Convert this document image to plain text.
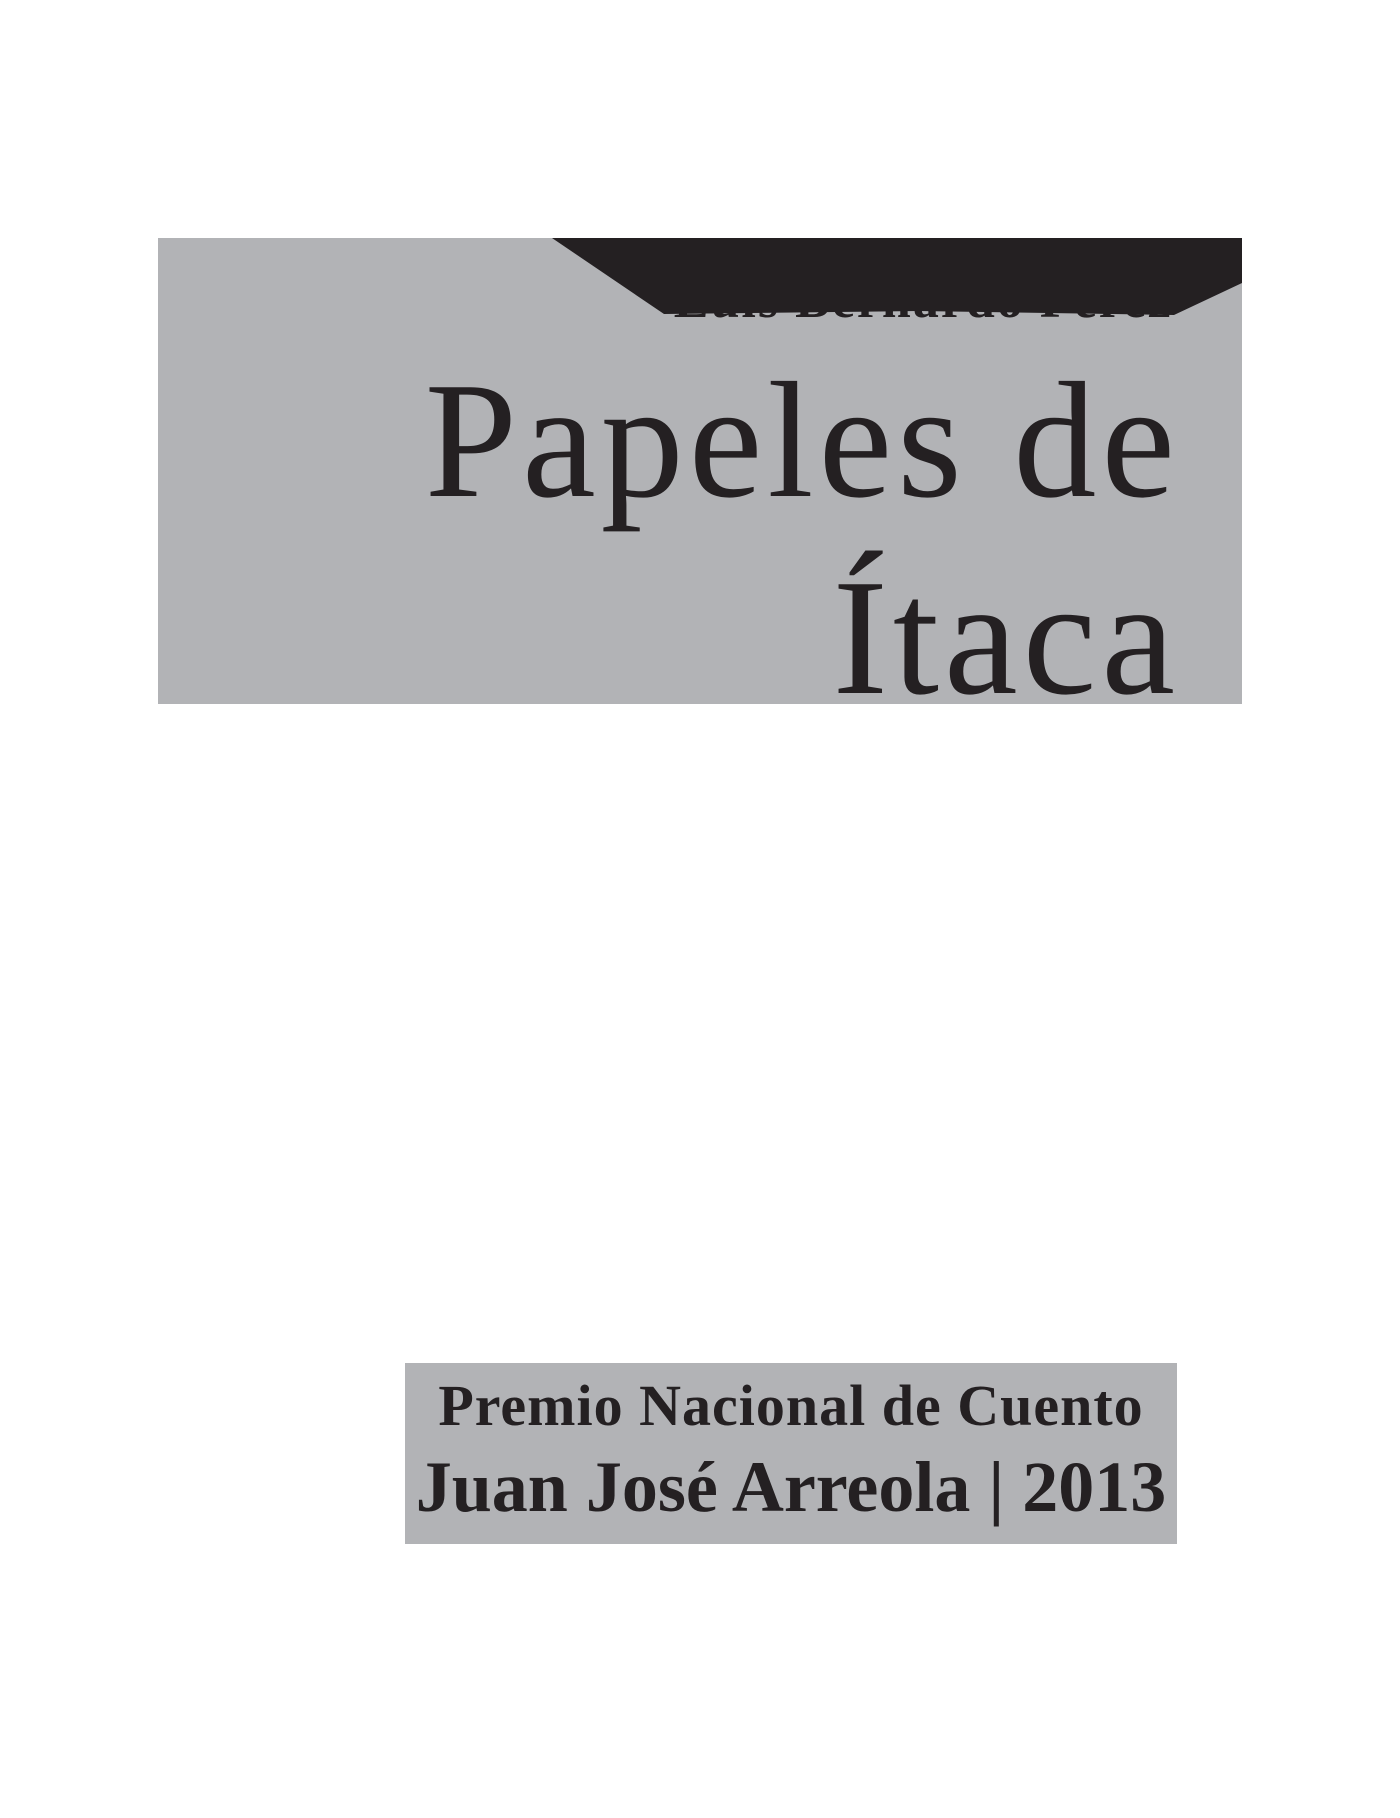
Papeles de
Ítaca
Premio Nacional de Cuento
Juan José Arreola | 2013
